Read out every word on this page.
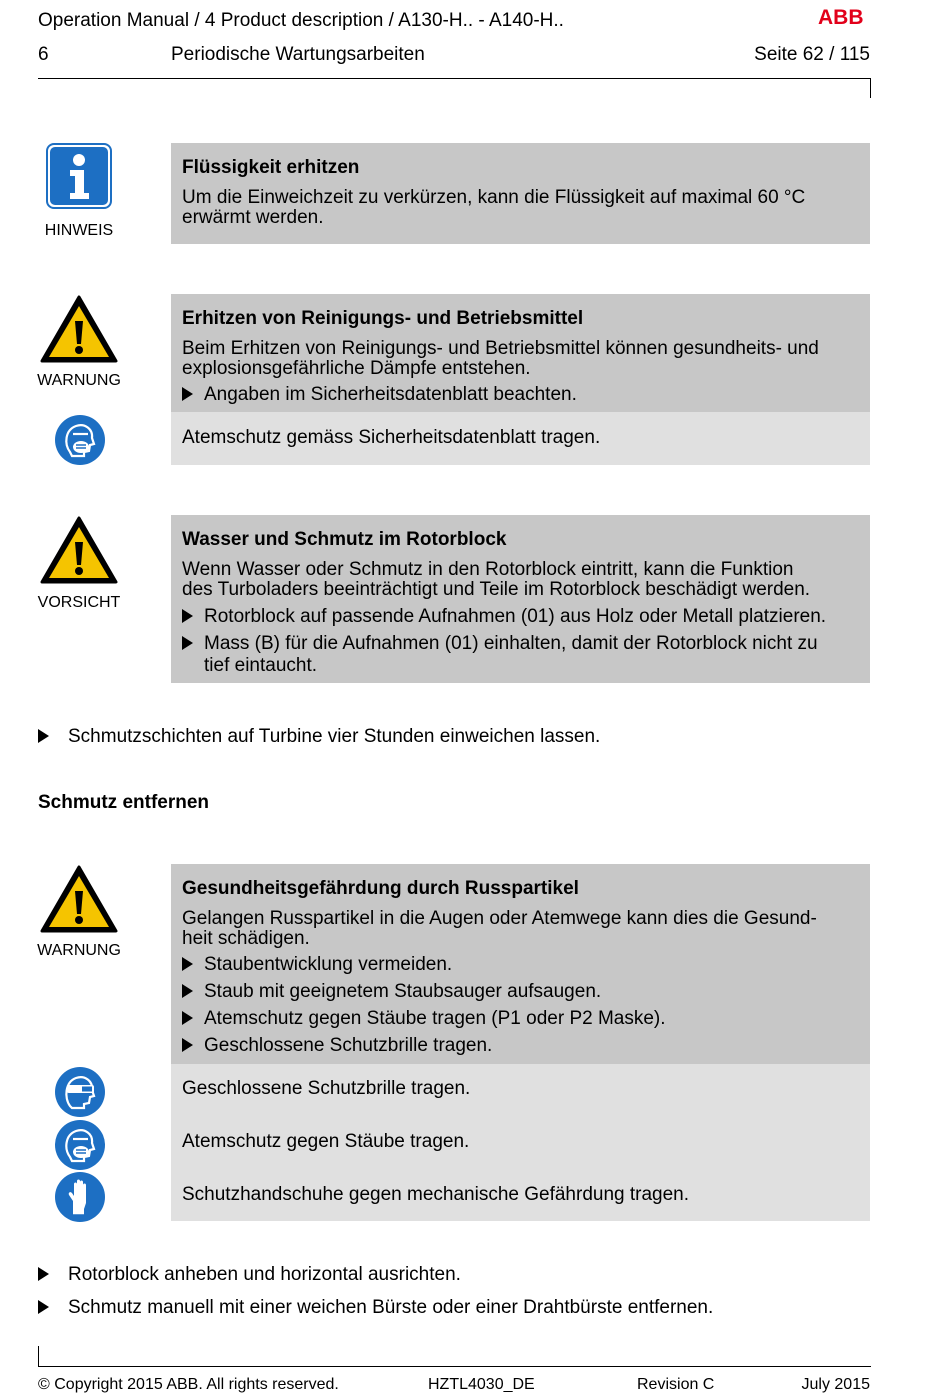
Operation Manual / 4 Product description / A130-H.. - A140-H..	ABB
6	Periodische Wartungsarbeiten	Seite 62 / 115
HINWEIS
Flüssigkeit erhitzen
Um die Einweichzeit zu verkürzen, kann die Flüssigkeit auf maximal 60 °C
erwärmt werden.
WARNUNG
Erhitzen von Reinigungs- und Betriebsmittel
Beim Erhitzen von Reinigungs- und Betriebsmittel können gesundheits- und
explosionsgefährliche Dämpfe entstehen.
Angaben im Sicherheitsdatenblatt beachten.
Atemschutz gemäss Sicherheitsdatenblatt tragen.
VORSICHT
Wasser und Schmutz im Rotorblock
Wenn Wasser oder Schmutz in den Rotorblock eintritt, kann die Funktion
des Turboladers beeinträchtigt und Teile im Rotorblock beschädigt werden.
Rotorblock auf passende Aufnahmen (01) aus Holz oder Metall platzieren.
Mass (B) für die Aufnahmen (01) einhalten, damit der Rotorblock nicht zu
tief eintaucht.
Schmutzschichten auf Turbine vier Stunden einweichen lassen.
Schmutz entfernen
WARNUNG
Gesundheitsgefährdung durch Russpartikel
Gelangen Russpartikel in die Augen oder Atemwege kann dies die Gesund-
heit schädigen.
Staubentwicklung vermeiden.
Staub mit geeignetem Staubsauger aufsaugen.
Atemschutz gegen Stäube tragen (P1 oder P2 Maske).
Geschlossene Schutzbrille tragen.
Geschlossene Schutzbrille tragen.
Atemschutz gegen Stäube tragen.
Schutzhandschuhe gegen mechanische Gefährdung tragen.
Rotorblock anheben und horizontal ausrichten.
Schmutz manuell mit einer weichen Bürste oder einer Drahtbürste entfernen.
© Copyright 2015 ABB. All rights reserved.	HZTL4030_DE	Revision C	July 2015
